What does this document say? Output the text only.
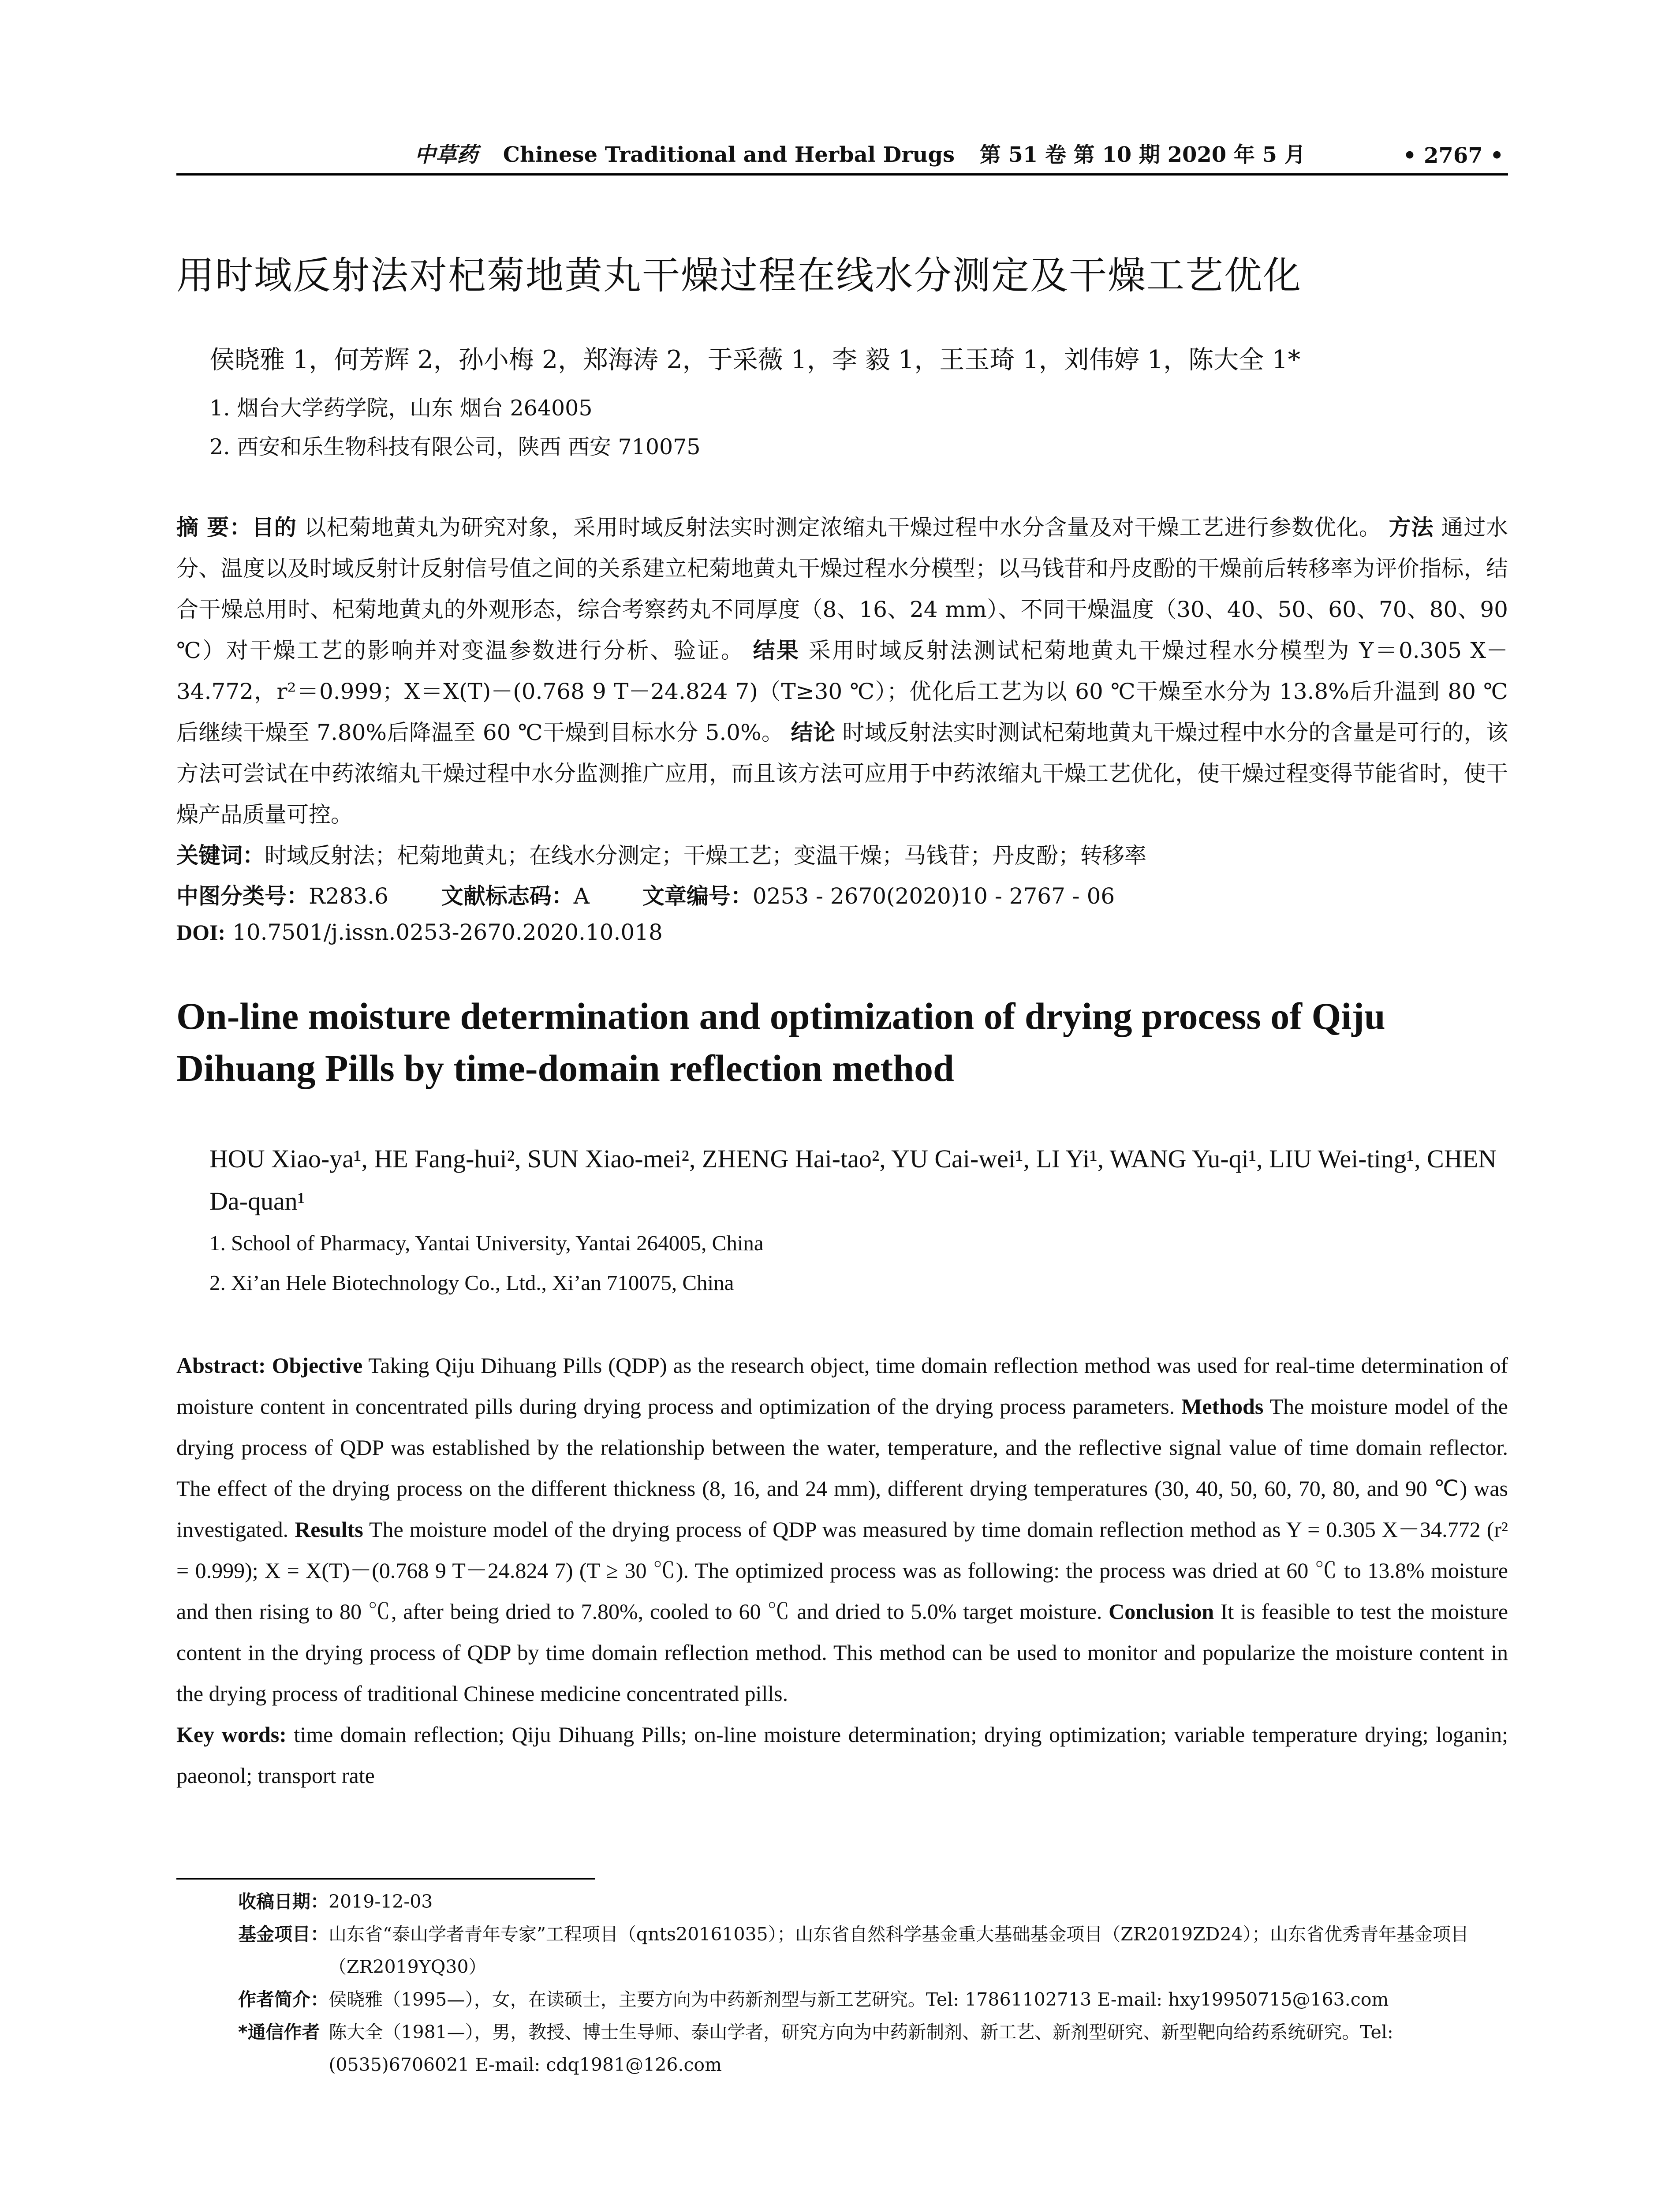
中草药 Chinese Traditional and Herbal Drugs 第 51 卷 第 10 期 2020 年 5 月	• 2767 •
用时域反射法对杞菊地黄丸干燥过程在线水分测定及干燥工艺优化
侯晓雅 1，何芳辉 2，孙小梅 2，郑海涛 2，于采薇 1，李 毅 1，王玉琦 1，刘伟婷 1，陈大全 1*
1. 烟台大学药学院，山东 烟台 264005
2. 西安和乐生物科技有限公司，陕西 西安 710075
摘 要：目的 以杞菊地黄丸为研究对象，采用时域反射法实时测定浓缩丸干燥过程中水分含量及对干燥工艺进行参数优化。 方法 通过水分、温度以及时域反射计反射信号值之间的关系建立杞菊地黄丸干燥过程水分模型；以马钱苷和丹皮酚的干燥前后转移率为评价指标，结合干燥总用时、杞菊地黄丸的外观形态，综合考察药丸不同厚度（8、16、24 mm）、不同干燥温度（30、40、50、60、70、80、90 ℃）对干燥工艺的影响并对变温参数进行分析、验证。 结果 采用时域反射法测试杞菊地黄丸干燥过程水分模型为 Y＝0.305 X－34.772，r²＝0.999；X＝X(T)－(0.768 9 T－24.824 7)（T≥30 ℃）；优化后工艺为以 60 ℃干燥至水分为 13.8%后升温到 80 ℃后继续干燥至 7.80%后降温至 60 ℃干燥到目标水分 5.0%。 结论 时域反射法实时测试杞菊地黄丸干燥过程中水分的含量是可行的，该方法可尝试在中药浓缩丸干燥过程中水分监测推广应用，而且该方法可应用于中药浓缩丸干燥工艺优化，使干燥过程变得节能省时，使干燥产品质量可控。
关键词：时域反射法；杞菊地黄丸；在线水分测定；干燥工艺；变温干燥；马钱苷；丹皮酚；转移率
中图分类号：R283.6 文献标志码：A 文章编号：0253 - 2670(2020)10 - 2767 - 06
DOI: 10.7501/j.issn.0253-2670.2020.10.018
On-line moisture determination and optimization of drying process of Qiju Dihuang Pills by time-domain reflection method
HOU Xiao-ya¹, HE Fang-hui², SUN Xiao-mei², ZHENG Hai-tao², YU Cai-wei¹, LI Yi¹, WANG Yu-qi¹, LIU Wei-ting¹, CHEN Da-quan¹
1. School of Pharmacy, Yantai University, Yantai 264005, China
2. Xi’an Hele Biotechnology Co., Ltd., Xi’an 710075, China
Abstract: Objective Taking Qiju Dihuang Pills (QDP) as the research object, time domain reflection method was used for real-time determination of moisture content in concentrated pills during drying process and optimization of the drying process parameters. Methods The moisture model of the drying process of QDP was established by the relationship between the water, temperature, and the reflective signal value of time domain reflector. The effect of the drying process on the different thickness (8, 16, and 24 mm), different drying temperatures (30, 40, 50, 60, 70, 80, and 90 ℃) was investigated. Results The moisture model of the drying process of QDP was measured by time domain reflection method as Y = 0.305 X－34.772 (r² = 0.999); X = X(T)－(0.768 9 T－24.824 7) (T ≥ 30 ℃). The optimized process was as following: the process was dried at 60 ℃ to 13.8% moisture and then rising to 80 ℃, after being dried to 7.80%, cooled to 60 ℃ and dried to 5.0% target moisture. Conclusion It is feasible to test the moisture content in the drying process of QDP by time domain reflection method. This method can be used to monitor and popularize the moisture content in the drying process of traditional Chinese medicine concentrated pills.
Key words: time domain reflection; Qiju Dihuang Pills; on-line moisture determination; drying optimization; variable temperature drying; loganin; paeonol; transport rate
收稿日期： 2019-12-03
基金项目： 山东省“泰山学者青年专家”工程项目（qnts20161035）；山东省自然科学基金重大基础基金项目（ZR2019ZD24）；山东省优秀青年基金项目（ZR2019YQ30）
作者简介： 侯晓雅（1995—），女，在读硕士，主要方向为中药新剂型与新工艺研究。Tel: 17861102713 E-mail: hxy19950715@163.com
*通信作者 陈大全（1981—），男，教授、博士生导师、泰山学者，研究方向为中药新制剂、新工艺、新剂型研究、新型靶向给药系统研究。Tel: (0535)6706021 E-mail: cdq1981@126.com
